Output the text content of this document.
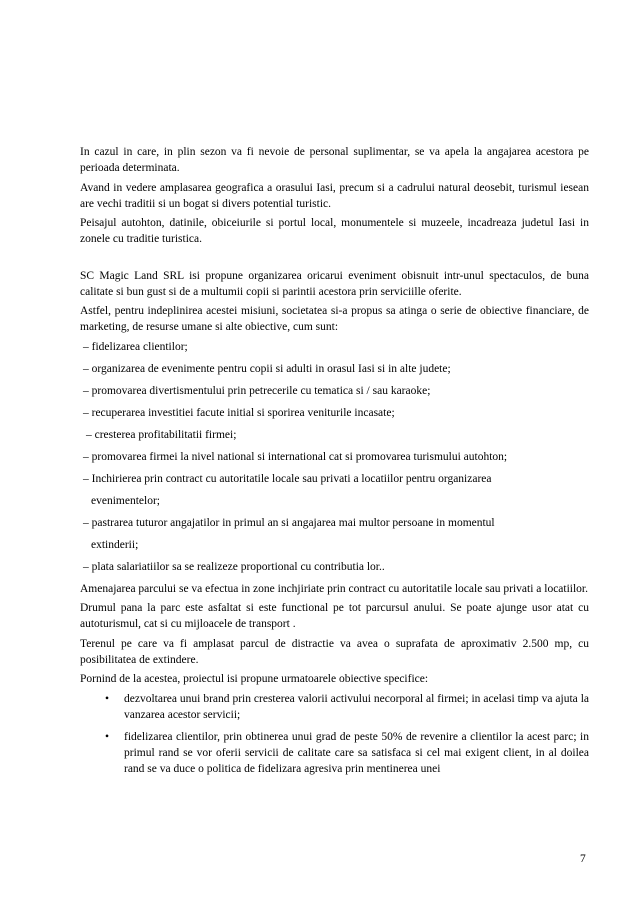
In cazul in care, in plin sezon va fi nevoie de personal suplimentar, se va apela la angajarea acestora pe perioada determinata.

Avand in vedere amplasarea geografica a orasului Iasi, precum si a cadrului natural deosebit, turismul iesean are vechi traditii si un bogat si divers potential turistic.

Peisajul autohton, datinile, obiceiurile si portul local, monumentele si muzeele, incadreaza judetul Iasi in zonele cu traditie turistica.

SC Magic Land SRL isi propune organizarea oricarui eveniment obisnuit intr-unul spectaculos, de buna calitate si bun gust si de a multumii copii si parintii acestora prin serviciille oferite.

Astfel, pentru indeplinirea acestei misiuni, societatea si-a propus sa atinga o serie de obiective financiare, de marketing, de resurse umane si alte obiective, cum sunt:

– fidelizarea clientilor;
– organizarea de evenimente pentru copii si adulti in orasul Iasi si in alte judete;
– promovarea divertismentului prin petrecerile cu tematica si / sau karaoke;
– recuperarea investitiei facute initial si sporirea veniturile incasate;
– cresterea profitabilitatii firmei;
– promovarea firmei la nivel national si international cat si promovarea turismului autohton;
– Inchirierea prin contract cu autoritatile locale sau privati a locatiilor pentru organizarea
evenimentelor;
– pastrarea tuturor angajatilor in primul an si angajarea mai multor persoane in momentul
extinderii;
– plata salariatiilor sa se realizeze proportional cu contributia lor..

Amenajarea parcului se va efectua in zone inchjiriate prin contract cu autoritatile locale sau privati a locatiilor.

Drumul pana la parc este asfaltat si este functional pe tot parcursul anului. Se poate ajunge usor atat cu autoturismul, cat si cu mijloacele de transport .

Terenul pe care va fi amplasat parcul de distractie va avea o suprafata de aproximativ 2.500 mp, cu posibilitatea de extindere.

Pornind de la acestea, proiectul isi propune urmatoarele obiective specifice:

• dezvoltarea unui brand prin cresterea valorii activului necorporal al firmei; in acelasi timp va ajuta la vanzarea acestor servicii;
• fidelizarea clientilor, prin obtinerea unui grad de peste 50% de revenire a clientilor la acest parc; in primul rand se vor oferii servicii de calitate care sa satisfaca si cel mai exigent client, in al doilea rand se va duce o politica de fidelizara agresiva prin mentinerea unei
7
